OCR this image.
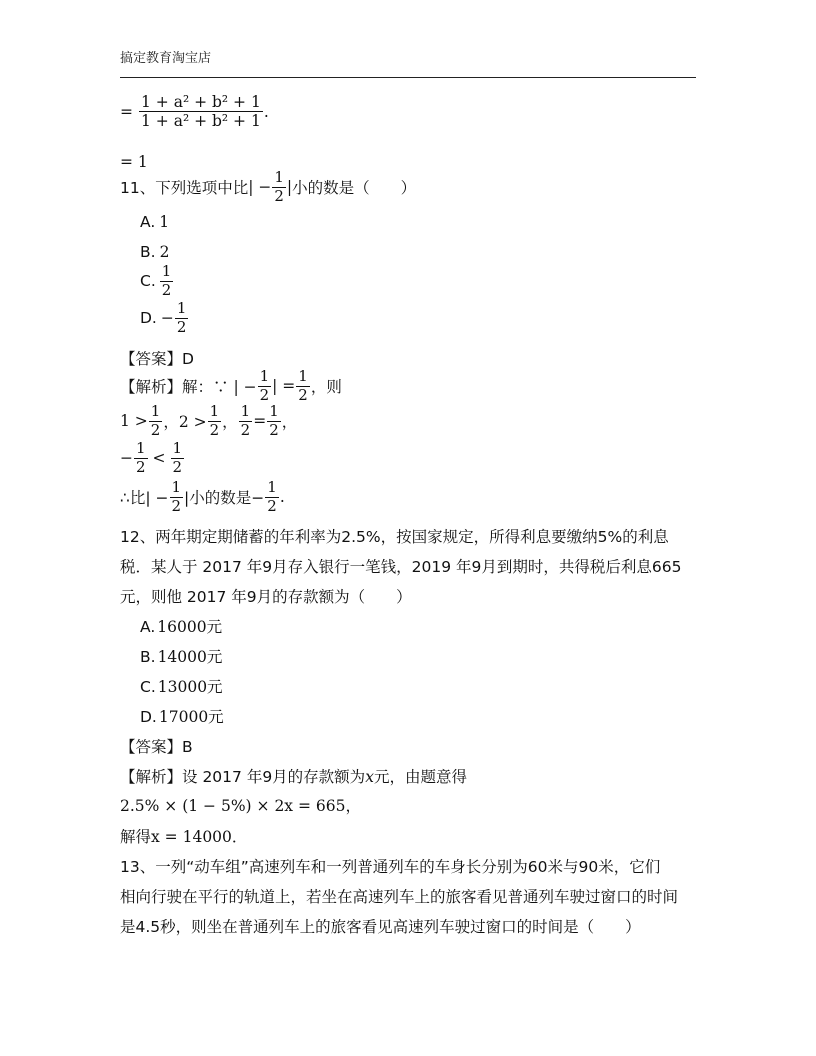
搞定教育淘宝店
= $\frac{\text{1 + a² + b² + 1}}{\text{1 + a² + b² + 1}}$ .
= 1
11、下列选项中比 | − $\frac{1}{2}$ | 小的数是（　　）
A. 1
B. 2
C. $\frac{1}{2}$
D. − $\frac{1}{2}$
【答案】D
【解析】 解：∵ | − $\frac{1}{2}$ | = $\frac{1}{2}$ ，则
$1 > \frac{1}{2}$ ，$2 > \frac{1}{2}$ ， $\frac{1}{2} = \frac{1}{2}$ ，
− $\frac{1}{2} < \frac{1}{2}$
∴比| − $\frac{1}{2}$ |小的数是− $\frac{1}{2}$ .
12、两年期定期储蓄的年利率为2.5%，按国家规定，所得利息要缴纳5%的利息
税．某人于 2017 年9月存入银行一笔钱，2019 年9月到期时，共得税后利息665
元，则他 2017 年9月的存款额为（　　）
A. 16000元
B. 14000元
C. 13000元
D. 17000元
【答案】B
【解析】设 2017 年9月的存款额为x元，由题意得
2.5% × (1 − 5%) × 2x = 665，
解得x = 14000．
13、一列“动车组”高速列车和一列普通列车的车身长分别为60米与90米，它们
相向行驶在平行的轨道上，若坐在高速列车上的旅客看见普通列车驶过窗口的时间
是4.5秒，则坐在普通列车上的旅客看见高速列车驶过窗口的时间是（　　）
